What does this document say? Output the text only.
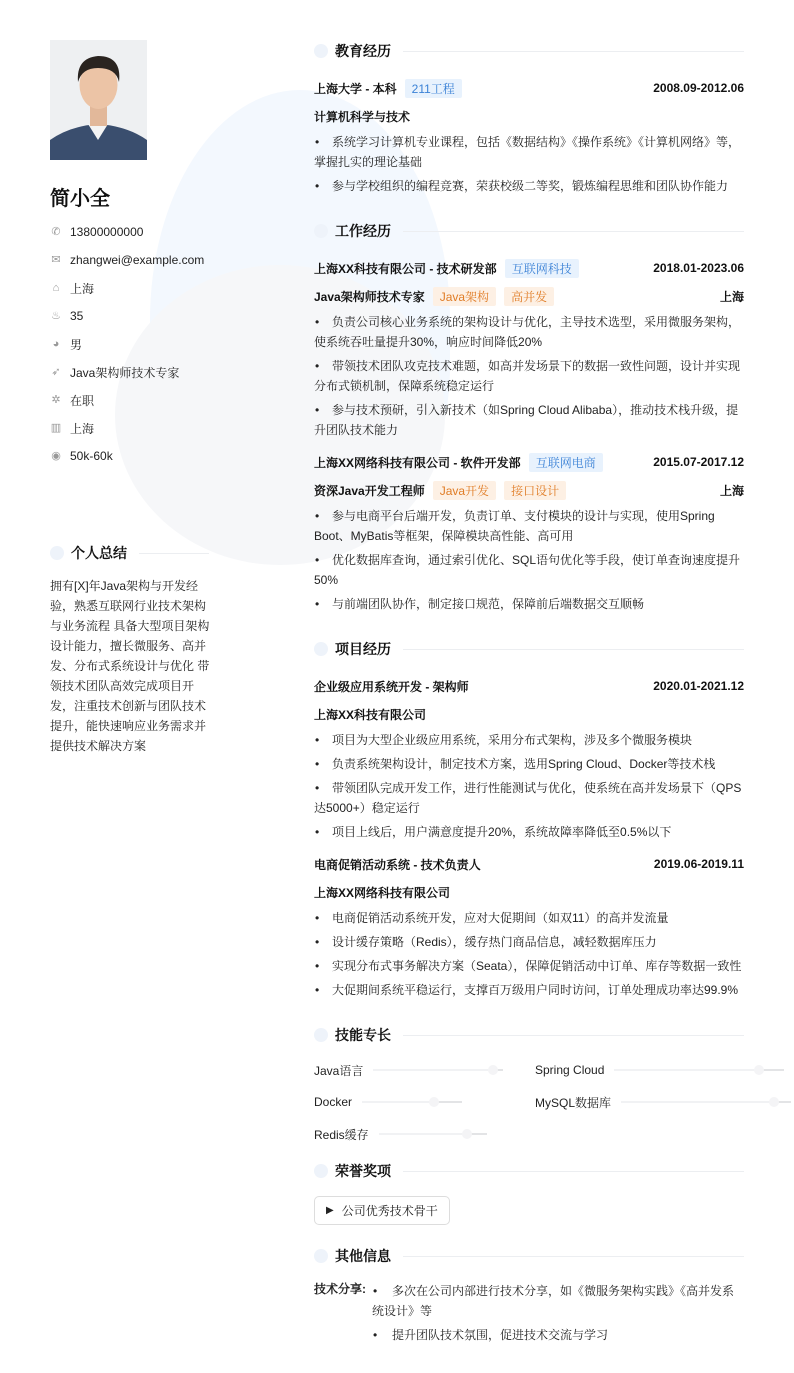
简小全
✆ 13800000000
✉ zhangwei@example.com
⌂ 上海
♨ 35
◕ 男
➶ Java架构师技术专家
✲ 在职
▥ 上海
◉ 50k-60k
个人总结
拥有[X]年Java架构与开发经验，熟悉互联网行业技术架构与业务流程 具备大型项目架构设计能力，擅长微服务、高并发、分布式系统设计与优化 带领技术团队高效完成项目开发，注重技术创新与团队技术提升，能快速响应业务需求并提供技术解决方案
教育经历
上海大学 - 本科	211工程	2008.09-2012.06
计算机科学与技术
• 系统学习计算机专业课程，包括《数据结构》《操作系统》《计算机网络》等，掌握扎实的理论基础
• 参与学校组织的编程竞赛，荣获校级二等奖，锻炼编程思维和团队协作能力
工作经历
上海XX科技有限公司 - 技术研发部	互联网科技	2018.01-2023.06
Java架构师技术专家	Java架构	高并发	上海
• 负责公司核心业务系统的架构设计与优化，主导技术选型，采用微服务架构，使系统吞吐量提升30%，响应时间降低20%
• 带领技术团队攻克技术难题，如高并发场景下的数据一致性问题，设计并实现分布式锁机制，保障系统稳定运行
• 参与技术预研，引入新技术（如Spring Cloud Alibaba），推动技术栈升级，提升团队技术能力
上海XX网络科技有限公司 - 软件开发部	互联网电商	2015.07-2017.12
资深Java开发工程师	Java开发	接口设计	上海
• 参与电商平台后端开发，负责订单、支付模块的设计与实现，使用Spring Boot、MyBatis等框架，保障模块高性能、高可用
• 优化数据库查询，通过索引优化、SQL语句优化等手段，使订单查询速度提升50%
• 与前端团队协作，制定接口规范，保障前后端数据交互顺畅
项目经历
企业级应用系统开发 - 架构师	2020.01-2021.12
上海XX科技有限公司
• 项目为大型企业级应用系统，采用分布式架构，涉及多个微服务模块
• 负责系统架构设计，制定技术方案，选用Spring Cloud、Docker等技术栈
• 带领团队完成开发工作，进行性能测试与优化，使系统在高并发场景下（QPS达5000+）稳定运行
• 项目上线后，用户满意度提升20%，系统故障率降低至0.5%以下
电商促销活动系统 - 技术负责人	2019.06-2019.11
上海XX网络科技有限公司
• 电商促销活动系统开发，应对大促期间（如双11）的高并发流量
• 设计缓存策略（Redis），缓存热门商品信息，减轻数据库压力
• 实现分布式事务解决方案（Seata），保障促销活动中订单、库存等数据一致性
• 大促期间系统平稳运行，支撑百万级用户同时访问，订单处理成功率达99.9%
技能专长
Java语言	Spring Cloud
Docker	MySQL数据库
Redis缓存
荣誉奖项
▶ 公司优秀技术骨干
其他信息
技术分享: • 多次在公司内部进行技术分享，如《微服务架构实践》《高并发系统设计》等
• 提升团队技术氛围，促进技术交流与学习
